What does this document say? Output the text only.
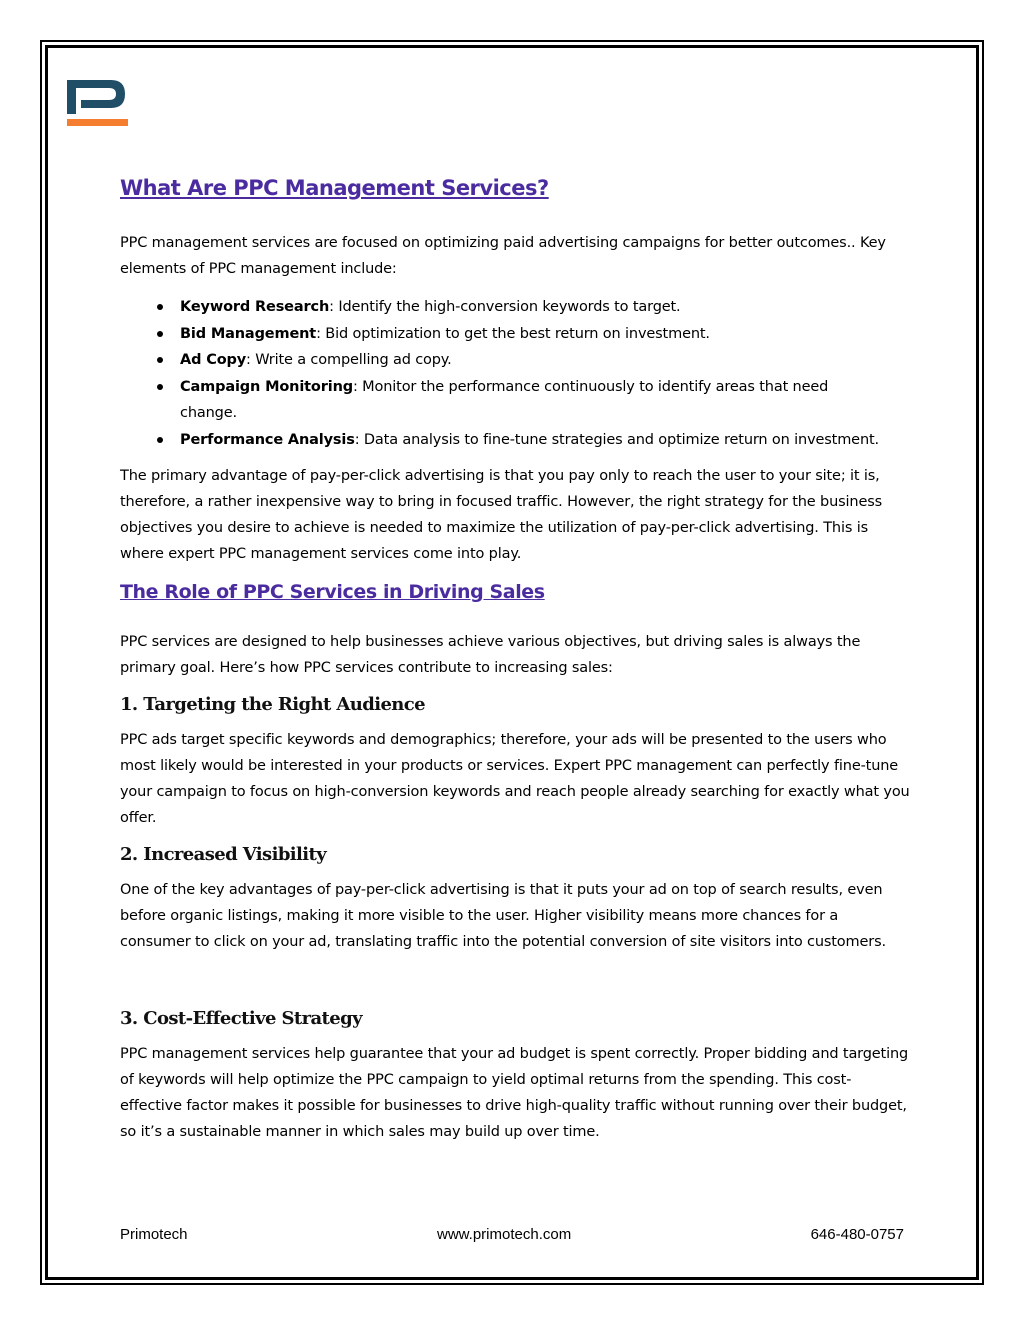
What Are PPC Management Services?

PPC management services are focused on optimizing paid advertising campaigns for better outcomes.. Key elements of PPC management include:

Keyword Research: Identify the high-conversion keywords to target.
Bid Management: Bid optimization to get the best return on investment.
Ad Copy: Write a compelling ad copy.
Campaign Monitoring: Monitor the performance continuously to identify areas that need change.
Performance Analysis: Data analysis to fine-tune strategies and optimize return on investment.

The primary advantage of pay-per-click advertising is that you pay only to reach the user to your site; it is, therefore, a rather inexpensive way to bring in focused traffic. However, the right strategy for the business objectives you desire to achieve is needed to maximize the utilization of pay-per-click advertising. This is where expert PPC management services come into play.

The Role of PPC Services in Driving Sales

PPC services are designed to help businesses achieve various objectives, but driving sales is always the primary goal. Here’s how PPC services contribute to increasing sales:

1. Targeting the Right Audience

PPC ads target specific keywords and demographics; therefore, your ads will be presented to the users who most likely would be interested in your products or services. Expert PPC management can perfectly fine-tune your campaign to focus on high-conversion keywords and reach people already searching for exactly what you offer.

2. Increased Visibility

One of the key advantages of pay-per-click advertising is that it puts your ad on top of search results, even before organic listings, making it more visible to the user. Higher visibility means more chances for a consumer to click on your ad, translating traffic into the potential conversion of site visitors into customers.

3. Cost-Effective Strategy

PPC management services help guarantee that your ad budget is spent correctly. Proper bidding and targeting of keywords will help optimize the PPC campaign to yield optimal returns from the spending. This cost-effective factor makes it possible for businesses to drive high-quality traffic without running over their budget, so it’s a sustainable manner in which sales may build up over time.

Primotech	www.primotech.com	646-480-0757
